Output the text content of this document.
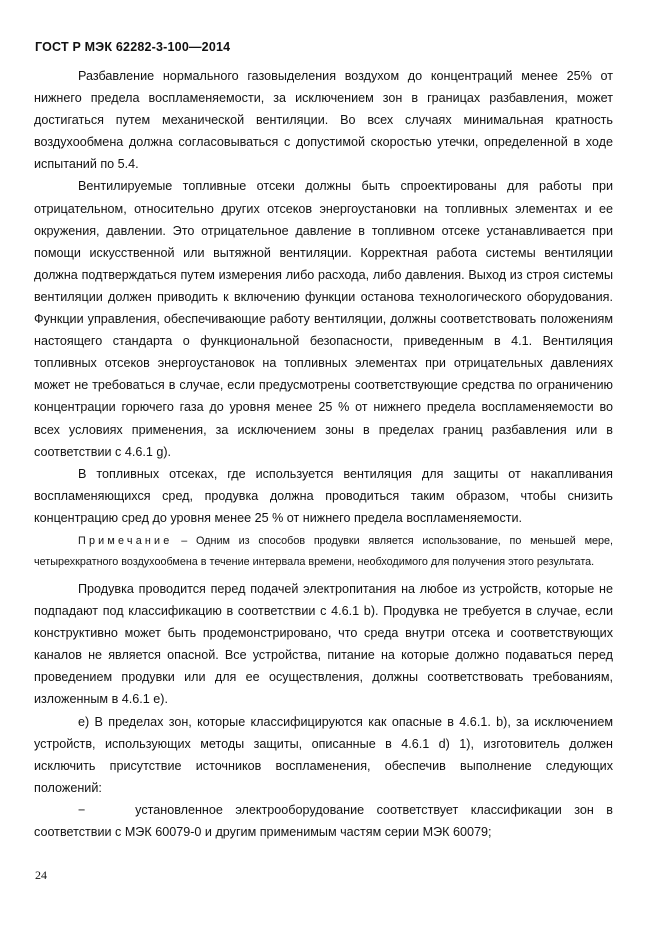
ГОСТ Р МЭК 62282-3-100—2014

Разбавление нормального газовыделения воздухом до концентраций менее 25% от нижнего предела воспламеняемости, за исключением зон в границах разбавления, может достигаться путем механической вентиляции. Во всех случаях минимальная кратность воздухообмена должна согласовываться с допустимой скоростью утечки, определенной в ходе испытаний по 5.4.

Вентилируемые топливные отсеки должны быть спроектированы для работы при отрицательном, относительно других отсеков энергоустановки на топливных элементах и ее окружения, давлении. Это отрицательное давление в топливном отсеке устанавливается при помощи искусственной или вытяжной вентиляции. Корректная работа системы вентиляции должна подтверждаться путем измерения либо расхода, либо давления. Выход из строя системы вентиляции должен приводить к включению функции останова технологического оборудования. Функции управления, обеспечивающие работу вентиляции, должны соответствовать положениям настоящего стандарта о функциональной безопасности, приведенным в 4.1. Вентиляция топливных отсеков энергоустановок на топливных элементах при отрицательных давлениях может не требоваться в случае, если предусмотрены соответствующие средства по ограничению концентрации горючего газа до уровня менее 25 % от нижнего предела воспламеняемости во всех условиях применения, за исключением зоны в пределах границ разбавления или в соответствии с 4.6.1 g).

В топливных отсеках, где используется вентиляция для защиты от накапливания воспламеняющихся сред, продувка должна проводиться таким образом, чтобы снизить концентрацию сред до уровня менее 25 % от нижнего предела воспламеняемости.

Примечание – Одним из способов продувки является использование, по меньшей мере, четырехкратного воздухообмена в течение интервала времени, необходимого для получения этого результата.

Продувка проводится перед подачей электропитания на любое из устройств, которые не подпадают под классификацию в соответствии с 4.6.1 b). Продувка не требуется в случае, если конструктивно может быть продемонстрировано, что среда внутри отсека и соответствующих каналов не является опасной. Все устройства, питание на которые должно подаваться перед проведением продувки или для ее осуществления, должны соответствовать требованиям, изложенным в 4.6.1 e).

e) В пределах зон, которые классифицируются как опасные в 4.6.1. b), за исключением устройств, использующих методы защиты, описанные в 4.6.1 d) 1), изготовитель должен исключить присутствие источников воспламенения, обеспечив выполнение следующих положений:

−	установленное электрооборудование соответствует классификации зон в соответствии с МЭК 60079-0 и другим применимым частям серии МЭК 60079;

24
